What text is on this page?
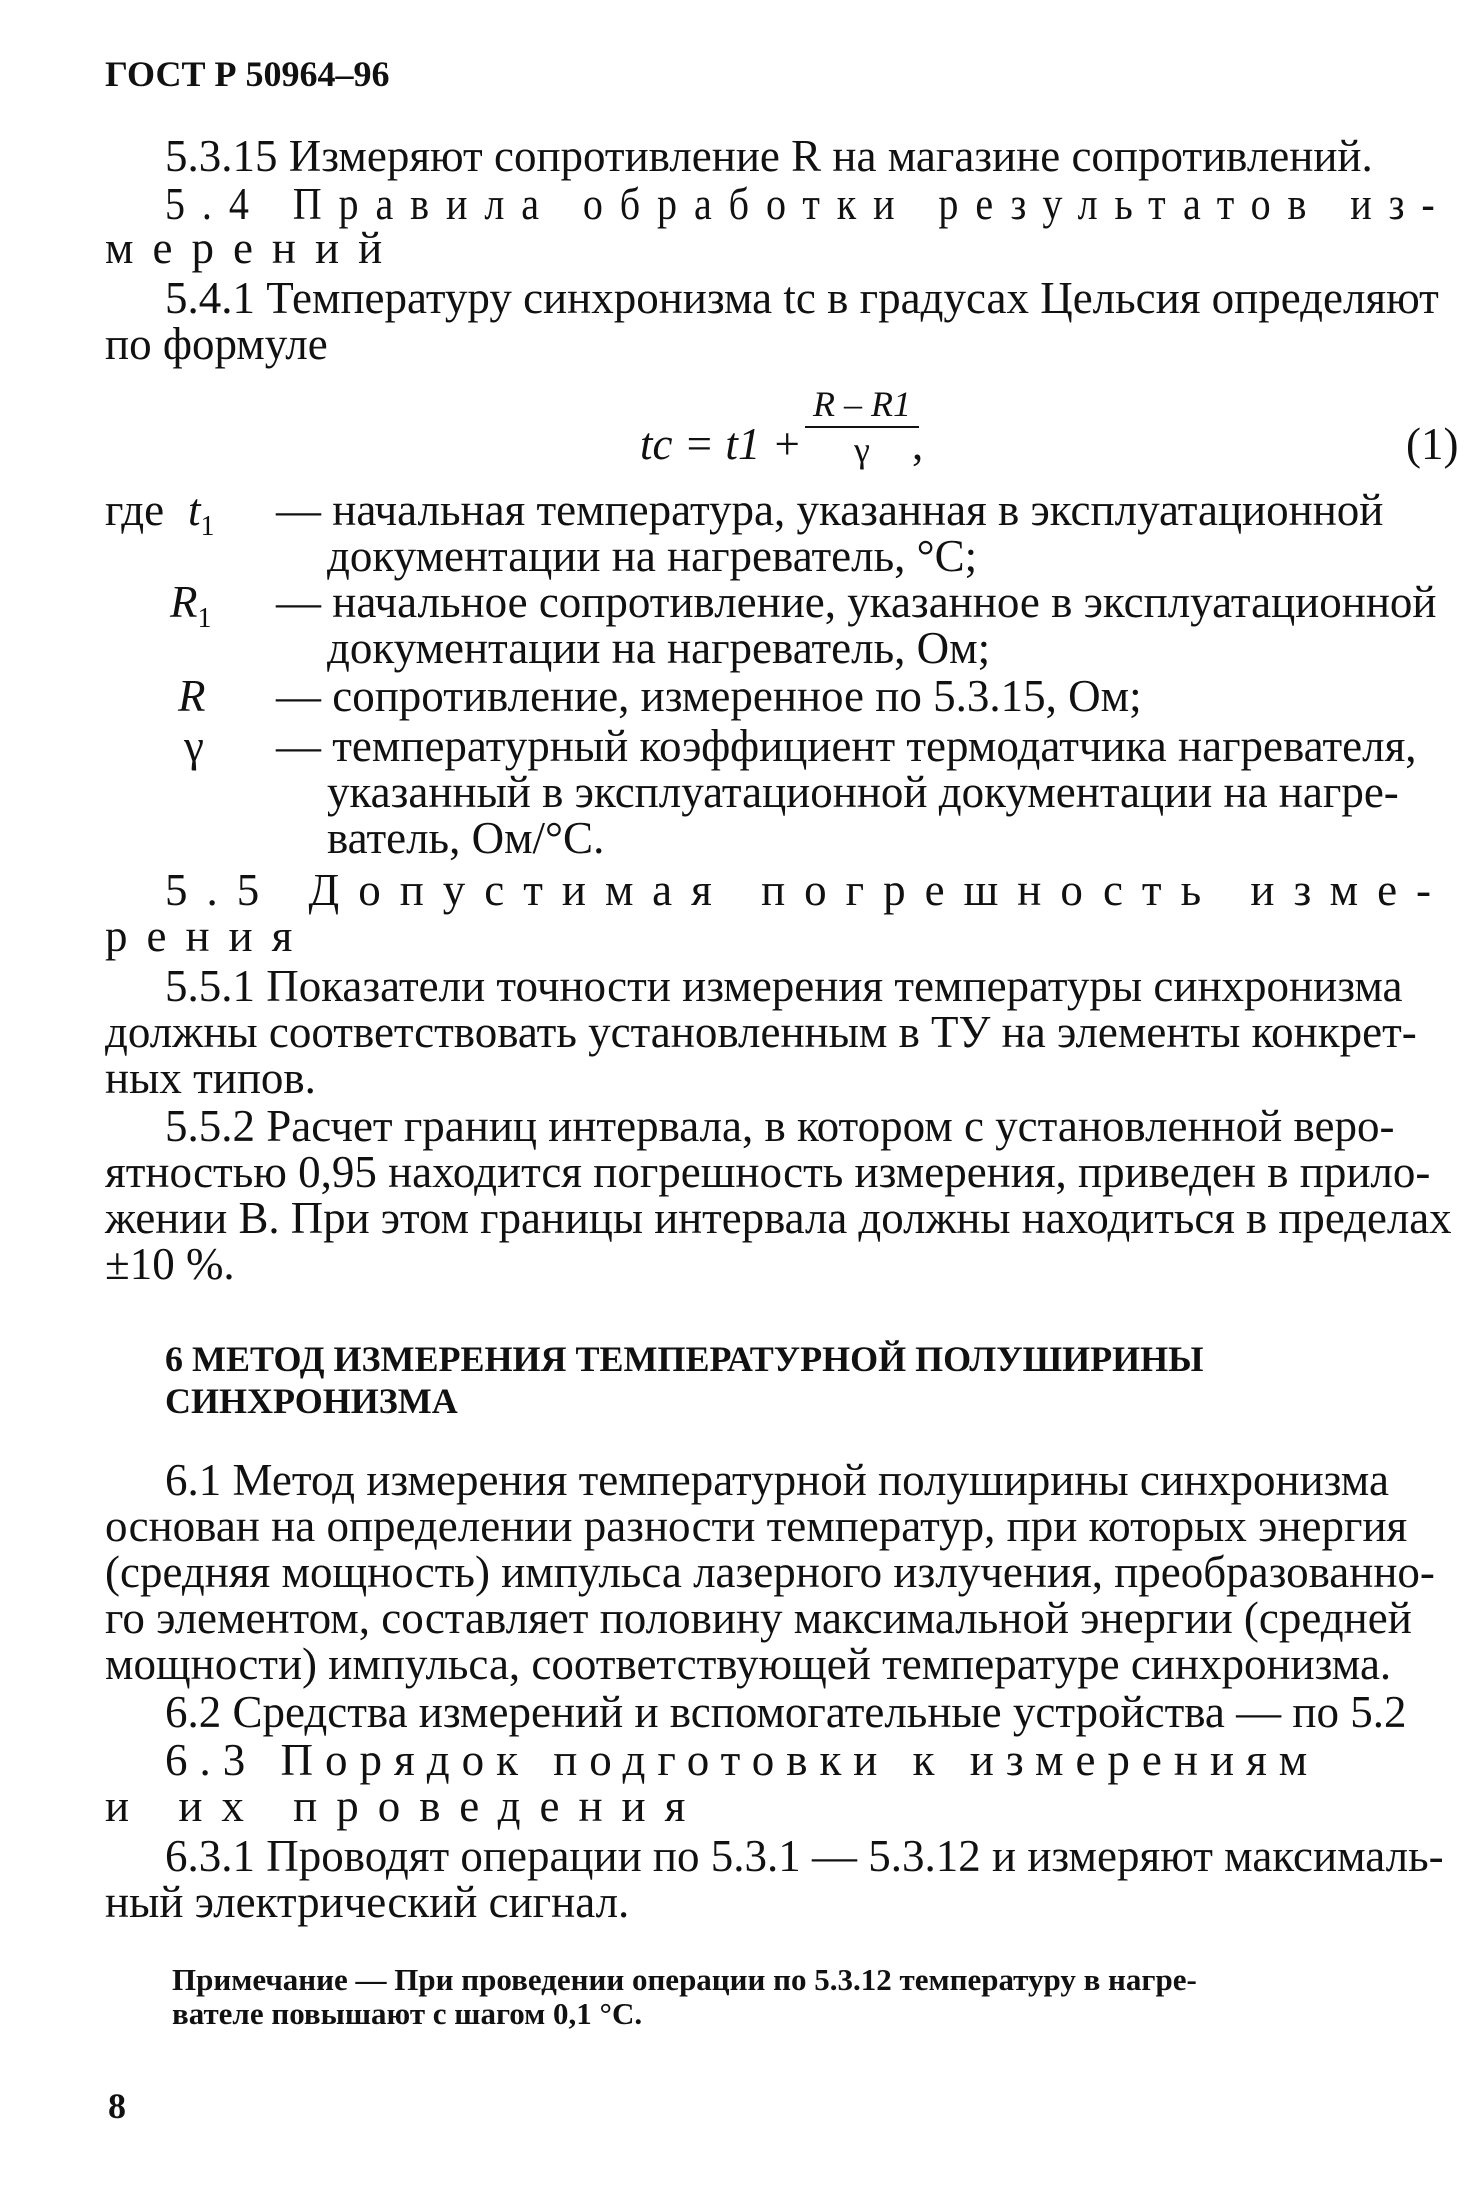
ГОСТ Р 50964–96
5.3.15 Измеряют сопротивление R на магазине сопротивлений.
5.4 Правила обработки результатов из-
мерений
5.4.1 Температуру синхронизма tс в градусах Цельсия определяют
по формуле
tс = t1 +
R – R1
γ ,	(1)
где $t_1$ — начальная температура, указанная в эксплуатационной
документации на нагреватель, °С;
$R_1$ — начальное сопротивление, указанное в эксплуатационной
документации на нагреватель, Ом;
R — сопротивление, измеренное по 5.3.15, Ом;
γ — температурный коэффициент термодатчика нагревателя,
указанный в эксплуатационной документации на нагре-
ватель, Ом/°С.
5.5 Допустимая погрешность изме-
рения
5.5.1 Показатели точности измерения температуры синхронизма
должны соответствовать установленным в ТУ на элементы конкрет-
ных типов.
5.5.2 Расчет границ интервала, в котором с установленной веро-
ятностью 0,95 находится погрешность измерения, приведен в прило-
жении В. При этом границы интервала должны находиться в пределах
±10 %.
6 МЕТОД ИЗМЕРЕНИЯ ТЕМПЕРАТУРНОЙ ПОЛУШИРИНЫ
СИНХРОНИЗМА
6.1 Метод измерения температурной полуширины синхронизма
основан на определении разности температур, при которых энергия
(средняя мощность) импульса лазерного излучения, преобразованно-
го элементом, составляет половину максимальной энергии (средней
мощности) импульса, соответствующей температуре синхронизма.
6.2 Средства измерений и вспомогательные устройства — по 5.2
6.3 Порядок подготовки к измерениям
и их проведения
6.3.1 Проводят операции по 5.3.1 — 5.3.12 и измеряют максималь-
ный электрический сигнал.
Примечание — При проведении операции по 5.3.12 температуру в нагре-
вателе повышают с шагом 0,1 °С.
8
